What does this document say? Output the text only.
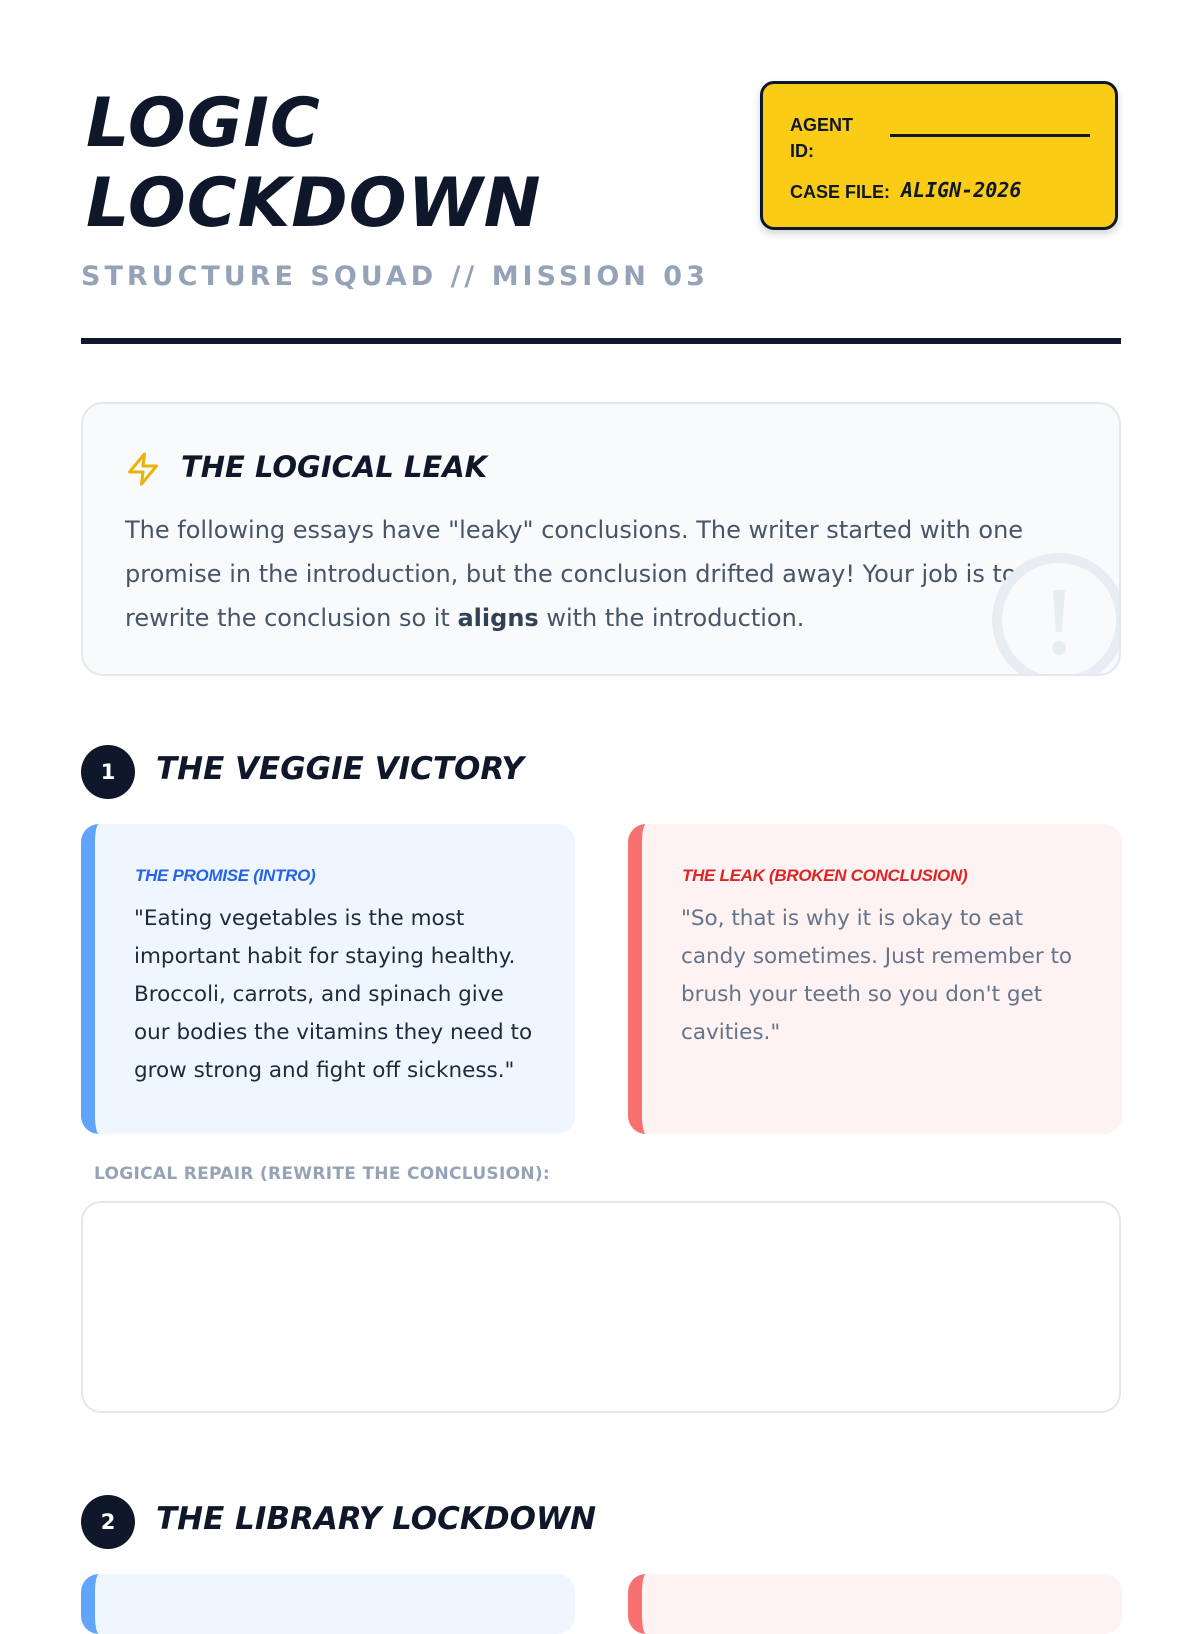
LOGIC
LOCKDOWN
STRUCTURE SQUAD // MISSION 03
AGENT ID:
CASE FILE: ALIGN-2026
THE LOGICAL LEAK
The following essays have "leaky" conclusions. The writer started with one promise in the introduction, but the conclusion drifted away! Your job is to rewrite the conclusion so it aligns with the introduction.
1	THE VEGGIE VICTORY
THE PROMISE (INTRO)
"Eating vegetables is the most important habit for staying healthy. Broccoli, carrots, and spinach give our bodies the vitamins they need to grow strong and fight off sickness."
THE LEAK (BROKEN CONCLUSION)
"So, that is why it is okay to eat candy sometimes. Just remember to brush your teeth so you don't get cavities."
LOGICAL REPAIR (REWRITE THE CONCLUSION):
2	THE LIBRARY LOCKDOWN
